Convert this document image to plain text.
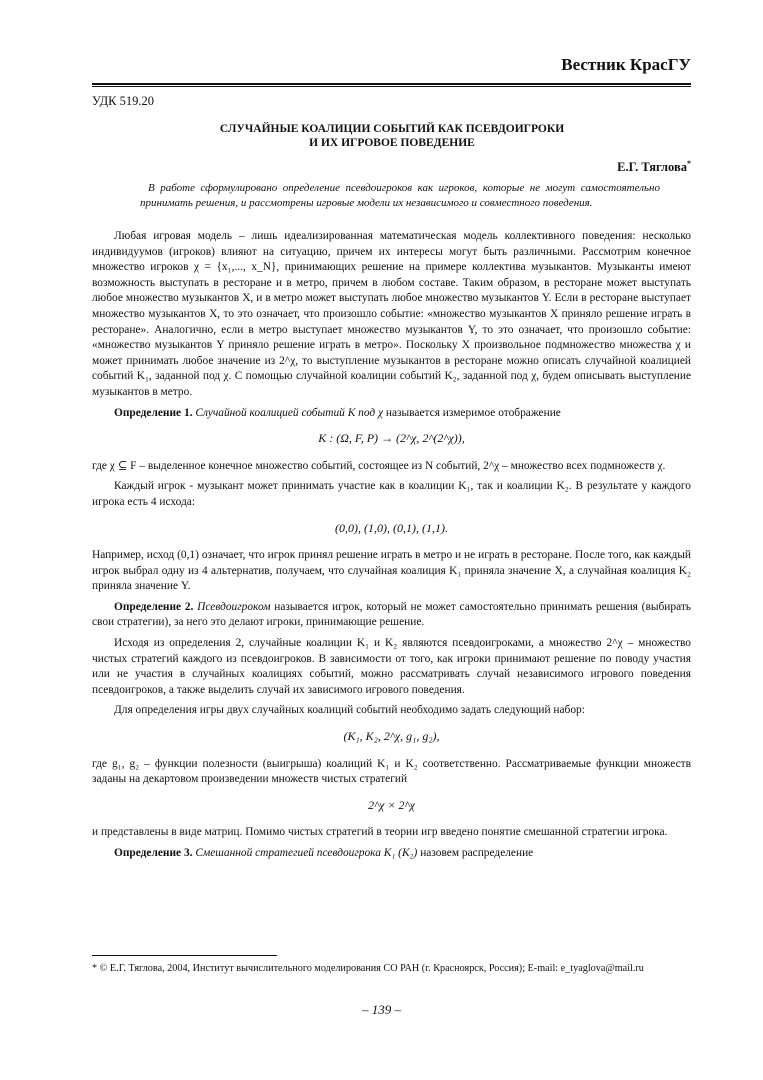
Вестник КрасГУ
УДК 519.20
СЛУЧАЙНЫЕ КОАЛИЦИИ СОБЫТИЙ КАК ПСЕВДОИГРОКИ
И ИХ ИГРОВОЕ ПОВЕДЕНИЕ
Е.Г. Тяглова*
В работе сформулировано определение псевдоигроков как игроков, которые не могут самостоятельно принимать решения, и рассмотрены игровые модели их независимого и совместного поведения.

Любая игровая модель – лишь идеализированная математическая модель коллективного поведения: несколько индивидуумов (игроков) влияют на ситуацию, причем их интересы могут быть различными. Рассмотрим конечное множество игроков χ = {x₁,..., x_N}, принимающих решение на примере коллектива музыкантов. Музыканты имеют возможность выступать в ресторане и в метро, причем в любом составе. Таким образом, в ресторане может выступать любое множество музыкантов X, и в метро может выступать любое множество музыкантов Y. Если в ресторане выступает множество музыкантов X, то это означает, что произошло событие: «множество музыкантов X приняло решение играть в ресторане». Аналогично, если в метро выступает множество музыкантов Y, то это означает, что произошло событие: «множество музыкантов Y приняло решение играть в метро». Поскольку X произвольное подмножество множества χ и может принимать любое значение из 2^χ, то выступление музыкантов в ресторане можно описать случайной коалицией событий K₁, заданной под χ. С помощью случайной коалиции событий K₂, заданной под χ, будем описывать выступление музыкантов в метро.

Определение 1. Случайной коалицией событий K под χ называется измеримое отображение

K : (Ω, F, P) → (2^χ, 2^(2^χ)),

где χ ⊆ F – выделенное конечное множество событий, состоящее из N событий, 2^χ – множество всех подмножеств χ.

Каждый игрок - музыкант может принимать участие как в коалиции K₁, так и коалиции K₂. В результате у каждого игрока есть 4 исхода:

(0,0), (1,0), (0,1), (1,1).

Например, исход (0,1) означает, что игрок принял решение играть в метро и не играть в ресторане. После того, как каждый игрок выбрал одну из 4 альтернатив, получаем, что случайная коалиция K₁ приняла значение X, а случайная коалиция K₂ приняла значение Y.

Определение 2. Псевдоигроком называется игрок, который не может самостоятельно принимать решения (выбирать свои стратегии), за него это делают игроки, принимающие решение.

Исходя из определения 2, случайные коалиции K₁ и K₂ являются псевдоигроками, а множество 2^χ – множество чистых стратегий каждого из псевдоигроков. В зависимости от того, как игроки принимают решение по поводу участия или не участия в случайных коалициях событий, можно рассматривать случай независимого игрового поведения псевдоигроков, а также выделить случай их зависимого игрового поведения.

Для определения игры двух случайных коалиций событий необходимо задать следующий набор:

(K₁, K₂, 2^χ, g₁, g₂),

где g₁, g₂ – функции полезности (выигрыша) коалиций K₁ и K₂ соответственно. Рассматриваемые функции множеств заданы на декартовом произведении множеств чистых стратегий

2^χ × 2^χ

и представлены в виде матриц. Помимо чистых стратегий в теории игр введено понятие смешанной стратегии игрока.

Определение 3. Смешанной стратегией псевдоигрока K₁ (K₂) назовем распределение

* © Е.Г. Тяглова, 2004, Институт вычислительного моделирования СО РАН (г. Красноярск, Россия); E-mail: e_tyaglova@mail.ru
– 139 –
